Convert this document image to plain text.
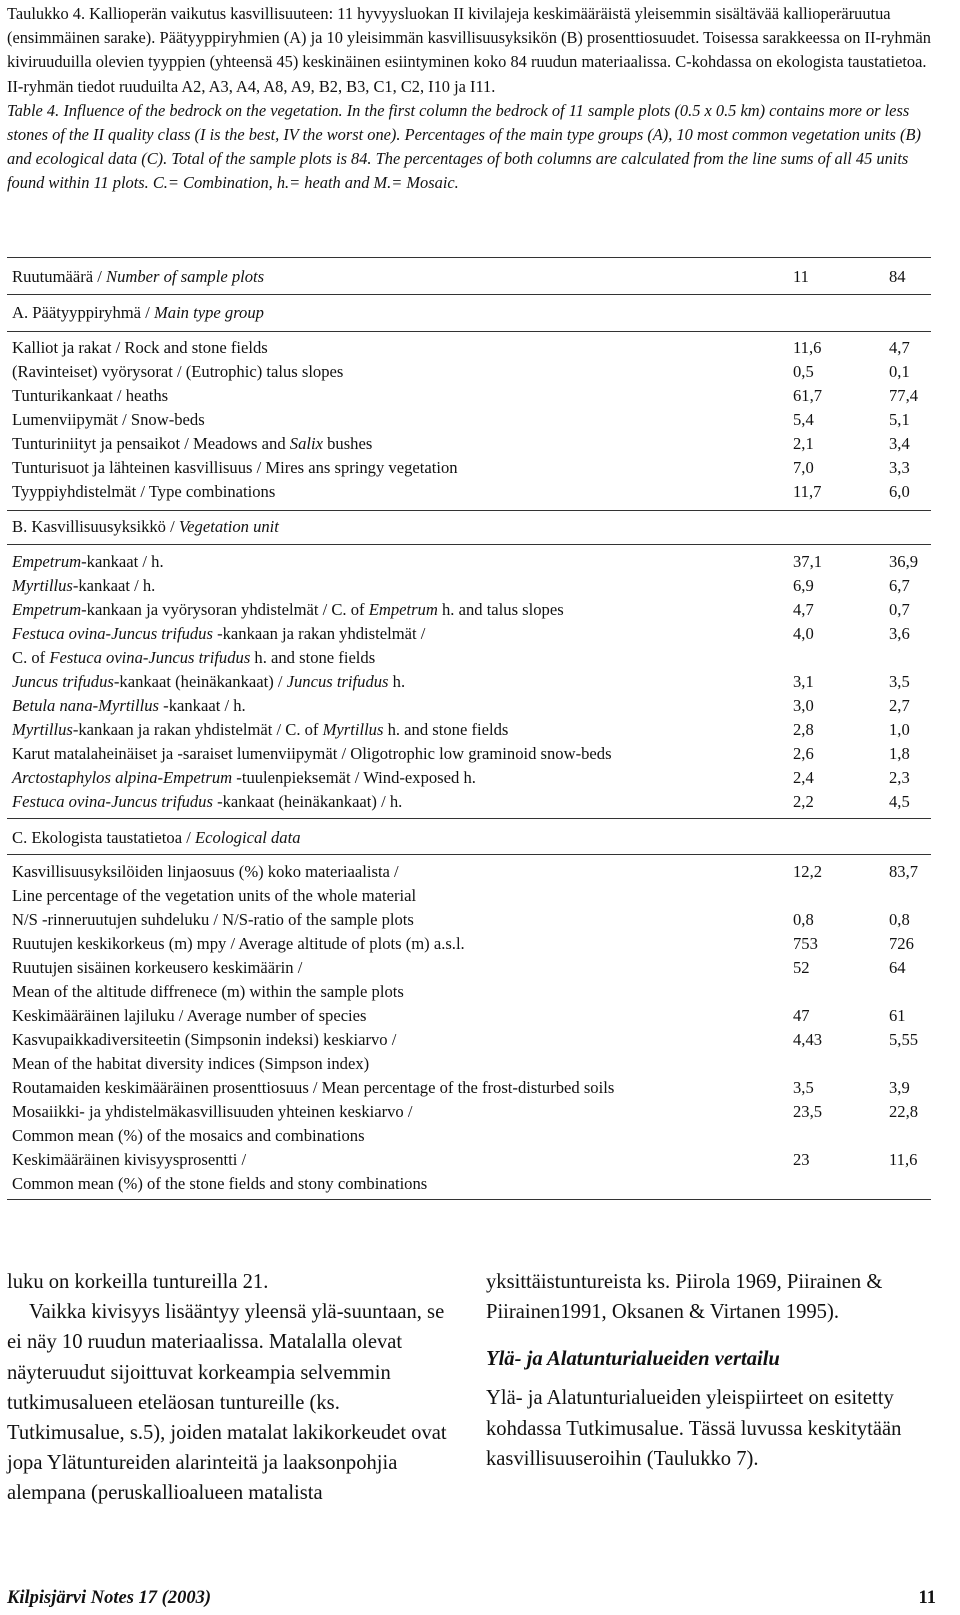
Taulukko 4. Kallioperän vaikutus kasvillisuuteen: 11 hyvyysluokan II kivilajeja keskimääräistä yleisemmin sisältävää kallioperäruutua (ensimmäinen sarake). Päätyyppiryhmien (A) ja 10 yleisimmän kasvillisuusyksikön (B) prosenttiosuudet. Toisessa sarakkeessa on II-ryhmän kiviruuduilla olevien tyyppien (yhteensä 45) keskinäinen esiintyminen koko 84 ruudun materiaalissa. C-kohdassa on ekologista taustatietoa. II-ryhmän tiedot ruuduilta A2, A3, A4, A8, A9, B2, B3, C1, C2, I10 ja I11.

Table 4. Influence of the bedrock on the vegetation. In the first column the bedrock of 11 sample plots (0.5 x 0.5 km) contains more or less stones of the II quality class (I is the best, IV the worst one). Percentages of the main type groups (A), 10 most common vegetation units (B) and ecological data (C). Total of the sample plots is 84. The percentages of both columns are calculated from the line sums of all 45 units found within 11 plots. C.= Combination, h.= heath and M.= Mosaic.

Ruutumäärä / Number of sample plots	11	84
A. Päätyyppiryhmä / Main type group
Kalliot ja rakat / Rock and stone fields	11,6	4,7
(Ravinteiset) vyörysorat / (Eutrophic) talus slopes	0,5	0,1
Tunturikankaat / heaths	61,7	77,4
Lumenviipymät / Snow-beds	5,4	5,1
Tunturiniityt ja pensaikot / Meadows and Salix bushes	2,1	3,4
Tunturisuot ja lähteinen kasvillisuus / Mires ans springy vegetation	7,0	3,3
Tyyppiyhdistelmät / Type combinations	11,7	6,0
B. Kasvillisuusyksikkö / Vegetation unit
Empetrum-kankaat / h.	37,1	36,9
Myrtillus-kankaat / h.	6,9	6,7
Empetrum-kankaan ja vyörysoran yhdistelmät / C. of Empetrum h. and talus slopes	4,7	0,7
Festuca ovina-Juncus trifudus -kankaan ja rakan yhdistelmät /	4,0	3,6
C. of Festuca ovina-Juncus trifudus h. and stone fields
Juncus trifudus-kankaat (heinäkankaat) / Juncus trifudus h.	3,1	3,5
Betula nana-Myrtillus -kankaat / h.	3,0	2,7
Myrtillus-kankaan ja rakan yhdistelmät / C. of Myrtillus h. and stone fields	2,8	1,0
Karut matalaheinäiset ja -saraiset lumenviipymät / Oligotrophic low graminoid snow-beds	2,6	1,8
Arctostaphylos alpina-Empetrum -tuulenpieksemät / Wind-exposed h.	2,4	2,3
Festuca ovina-Juncus trifudus -kankaat (heinäkankaat) / h.	2,2	4,5
C. Ekologista taustatietoa / Ecological data
Kasvillisuusyksilöiden linjaosuus (%) koko materiaalista /	12,2	83,7
Line percentage of the vegetation units of the whole material
N/S -rinneruutujen suhdeluku / N/S-ratio of the sample plots	0,8	0,8
Ruutujen keskikorkeus (m) mpy / Average altitude of plots (m) a.s.l.	753	726
Ruutujen sisäinen korkeusero keskimäärin /	52	64
Mean of the altitude diffrenece (m) within the sample plots
Keskimääräinen lajiluku / Average number of species	47	61
Kasvupaikkadiversiteetin (Simpsonin indeksi) keskiarvo /	4,43	5,55
Mean of the habitat diversity indices (Simpson index)
Routamaiden keskimääräinen prosenttiosuus / Mean percentage of the frost-disturbed soils	3,5	3,9
Mosaiikki- ja yhdistelmäkasvillisuuden yhteinen keskiarvo /	23,5	22,8
Common mean (%) of the mosaics and combinations
Keskimääräinen kivisyysprosentti /	23	11,6
Common mean (%) of the stone fields and stony combinations

luku on korkeilla tuntureilla 21.

Vaikka kivisyys lisääntyy yleensä ylä-suuntaan, se ei näy 10 ruudun materiaalissa. Matalalla olevat näyteruudut sijoittuvat korkeampia selvemmin tutkimusalueen eteläosan tuntureille (ks. Tutkimusalue, s.5), joiden matalat lakikorkeudet ovat jopa Ylätuntureiden alarinteitä ja laaksonpohjia alempana (peruskallioalueen matalista

yksittäistuntureista ks. Piirola 1969, Piirainen & Piirainen1991, Oksanen & Virtanen 1995).

Ylä- ja Alatunturialueiden vertailu

Ylä- ja Alatunturialueiden yleispiirteet on esitetty kohdassa Tutkimusalue. Tässä luvussa keskitytään kasvillisuuseroihin (Taulukko 7).

Kilpisjärvi Notes 17 (2003)	11
